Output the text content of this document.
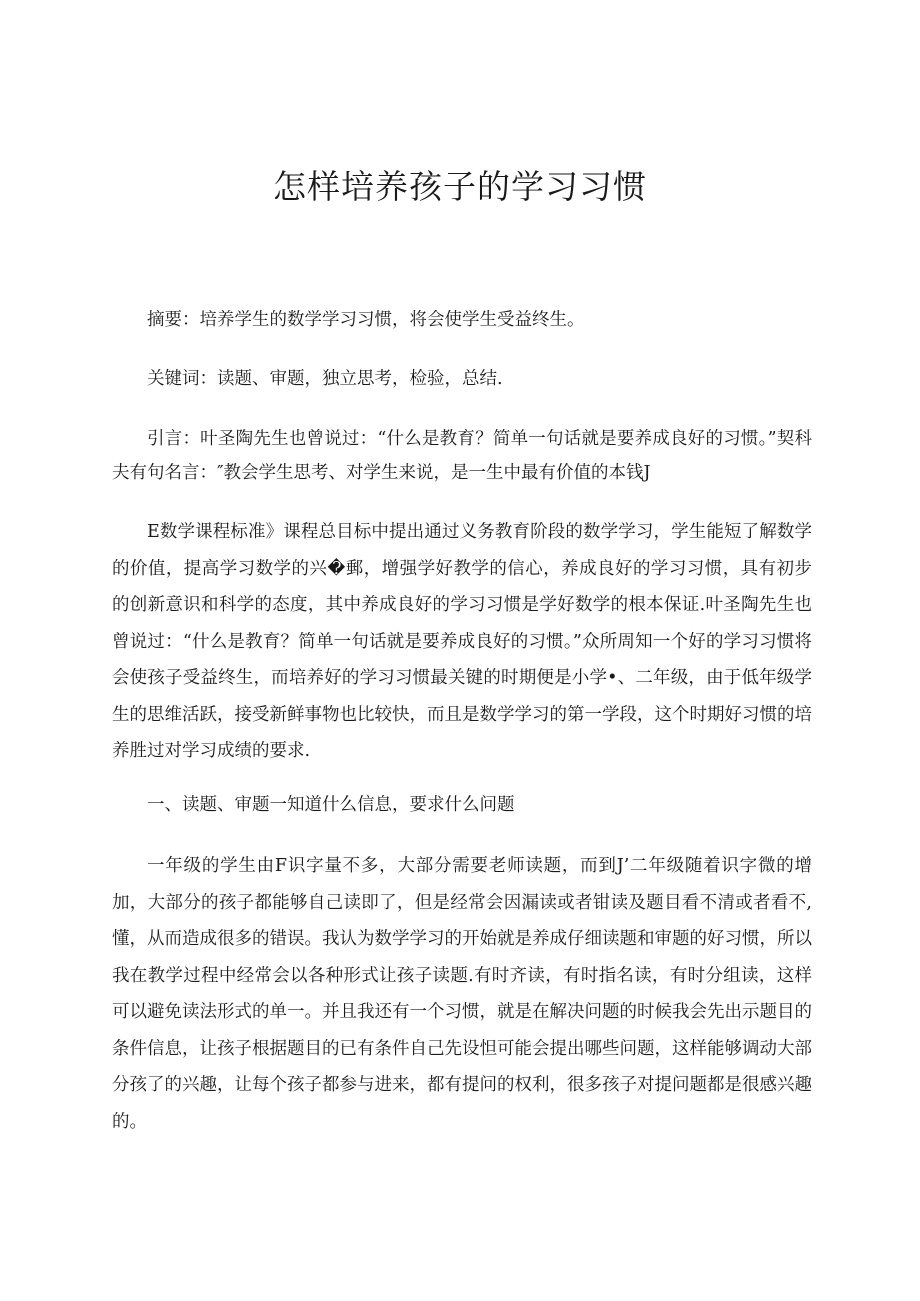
怎样培养孩子的学习习惯

摘要：培养学生的数学学习习惯，将会使学生受益终生。

关键词：读题、审题，独立思考，检验，总结.

引言：叶圣陶先生也曾说过：“什么是教育？简单一句话就是要养成良好的习惯。”契科夫有句名言：″教会学生思考、对学生来说，是一生中最有价值的本钱J

E数学课程标准》课程总目标中提出通过义务教育阶段的数学学习，学生能短了解数学的价值，提高学习数学的兴�郵，增强学好教学的信心，养成良好的学习习惯，具有初步的创新意识和科学的态度，其中养成良好的学习习惯是学好数学的根本保证.叶圣陶先生也曾说过：“什么是教育？简单一句话就是要养成良好的习惯。”众所周知一个好的学习习惯将会使孩子受益终生，而培养好的学习习惯最关键的时期便是小学•、二年级，由于低年级学生的思维活跃，接受新鲜事物也比较快，而且是数学学习的第一学段，这个时期好习惯的培养胜过对学习成绩的要求.

一、读题、审题一知道什么信息，要求什么问题

一年级的学生由F识字量不多，大部分需要老师读题，而到J’二年级随着识字微的增加，大部分的孩子都能够自己读即了，但是经常会因漏读或者钳读及题目看不清或者看不,懂，从而造成很多的错误。我认为数学学习的开始就是养成仔细读题和审题的好习惯，所以我在教学过程中经常会以各种形式让孩子读题.有时齐读，有时指名读，有时分组读，这样可以避免读法形式的单一。并且我还有一个习惯，就是在解决问题的时候我会先出示题目的条件信息，让孩子根据题目的已有条件自己先设怛可能会提出哪些问题，这样能够调动大部分孩了的兴趣，让每个孩子都参与进来，都有提问的权利，很多孩子对提问题都是很感兴趣的。
